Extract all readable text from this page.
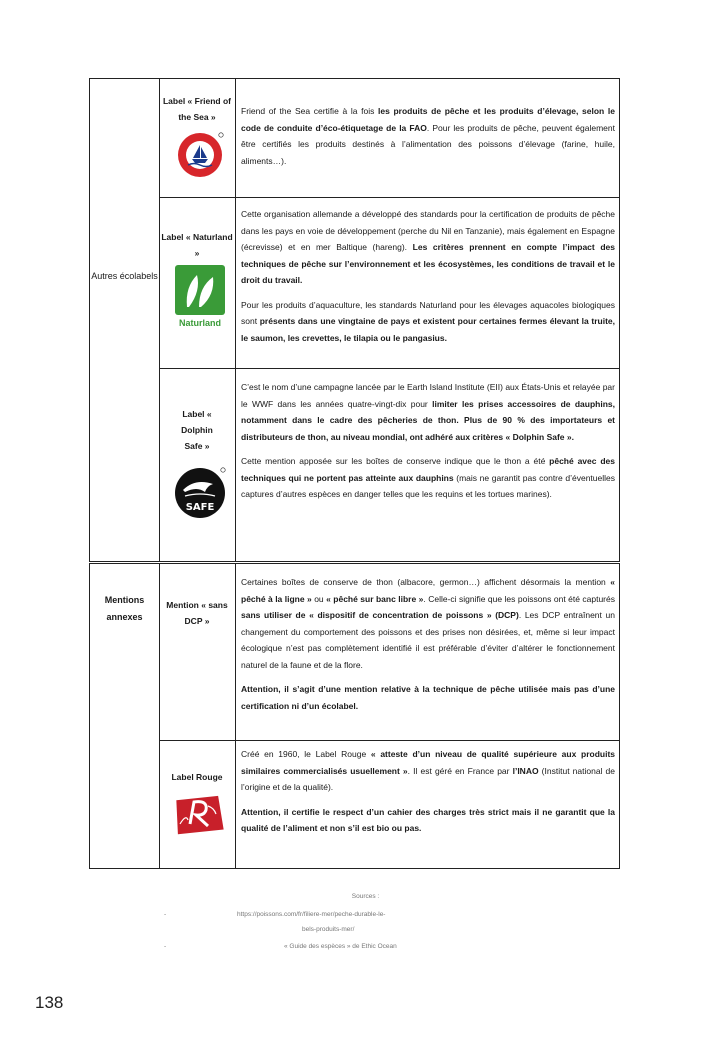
Autres écolabels
Label « Friend of the Sea »

Friend of the Sea certifie à la fois les produits de pêche et les produits d’élevage, selon le code de conduite d’éco-étiquetage de la FAO. Pour les produits de pêche, peuvent également être certifiés les produits destinés à l’alimentation des poissons d’élevage (farine, huile, aliments…).

Label « Naturland »
Naturland

Cette organisation allemande a développé des standards pour la certification de produits de pêche dans les pays en voie de développement (perche du Nil en Tanzanie), mais également en Espagne (écrevisse) et en mer Baltique (hareng). Les critères prennent en compte l’impact des techniques de pêche sur l’environnement et les écosystèmes, les conditions de travail et le droit du travail.

Pour les produits d’aquaculture, les standards Naturland pour les élevages aquacoles biologiques sont présents dans une vingtaine de pays et existent pour certaines fermes élevant la truite, le saumon, les crevettes, le tilapia ou le pangasius.

Label « Dolphin Safe »
SAFE

C’est le nom d’une campagne lancée par le Earth Island Institute (EII) aux États-Unis et relayée par le WWF dans les années quatre-vingt-dix pour limiter les prises accessoires de dauphins, notamment dans le cadre des pêcheries de thon. Plus de 90 % des importateurs et distributeurs de thon, au niveau mondial, ont adhéré aux critères « Dolphin Safe ».

Cette mention apposée sur les boîtes de conserve indique que le thon a été pêché avec des techniques qui ne portent pas atteinte aux dauphins (mais ne garantit pas contre d’éventuelles captures d’autres espèces en danger telles que les requins et les tortues marines).

Mentions annexes
Mention « sans DCP »

Certaines boîtes de conserve de thon (albacore, germon…) affichent désormais la mention « pêché à la ligne » ou « pêché sur banc libre ». Celle-ci signifie que les poissons ont été capturés sans utiliser de « dispositif de concentration de poissons » (DCP). Les DCP entraînent un changement du comportement des poissons et des prises non désirées, et, même si leur impact écologique n’est pas complètement identifié il est préférable d’éviter d’altérer le fonctionnement naturel de la faune et de la flore.

Attention, il s’agit d’une mention relative à la technique de pêche utilisée mais pas d’une certification ni d’un écolabel.

Label Rouge

Créé en 1960, le Label Rouge « atteste d’un niveau de qualité supérieure aux produits similaires commercialisés usuellement ». Il est géré en France par l’INAO (Institut national de l’origine et de la qualité).

Attention, il certifie le respect d’un cahier des charges très strict mais il ne garantit que la qualité de l’aliment et non s’il est bio ou pas.

Sources :
-	https://poissons.com/fr/filiere-mer/peche-durable-le-
bels-produits-mer/
-	« Guide des espèces » de Ethic Ocean
138
